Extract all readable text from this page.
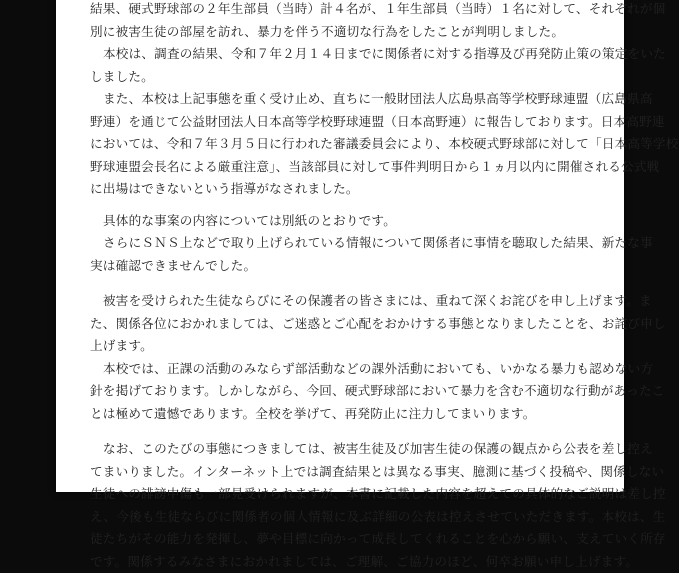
結果、硬式野球部の２年生部員（当時）計４名が、１年生部員（当時）１名に対して、それぞれが個
別に被害生徒の部屋を訪れ、暴力を伴う不適切な行為をしたことが判明しました。
本校は、調査の結果、令和７年２月１４日までに関係者に対する指導及び再発防止策の策定をいた
しました。
また、本校は上記事態を重く受け止め、直ちに一般財団法人広島県高等学校野球連盟（広島県高
野連）を通じて公益財団法人日本高等学校野球連盟（日本高野連）に報告しております。日本高野連
においては、令和７年３月５日に行われた審議委員会により、本校硬式野球部に対して「日本高等学校
野球連盟会長名による厳重注意」、当該部員に対して事件判明日から１ヵ月以内に開催される公式戦
に出場はできないという指導がなされました。
具体的な事案の内容については別紙のとおりです。
さらにＳＮＳ上などで取り上げられている情報について関係者に事情を聴取した結果、新たな事
実は確認できませんでした。
被害を受けられた生徒ならびにその保護者の皆さまには、重ねて深くお詫びを申し上げます。ま
た、関係各位におかれましては、ご迷惑とご心配をおかけする事態となりましたことを、お詫び申し
上げます。
本校では、正課の活動のみならず部活動などの課外活動においても、いかなる暴力も認めない方
針を掲げております。しかしながら、今回、硬式野球部において暴力を含む不適切な行動があったこ
とは極めて遺憾であります。全校を挙げて、再発防止に注力してまいります。
なお、このたびの事態につきましては、被害生徒及び加害生徒の保護の観点から公表を差し控え
てまいりました。インターネット上では調査結果とは異なる事実、臆測に基づく投稿や、関係しない
生徒への誹謗中傷も一部見受けられますが、本書に記載した内容を超えての具体的なご説明は差し控
え、今後も生徒ならびに関係者の個人情報に及ぶ詳細の公表は控えさせていただきます。本校は、生
徒たちがその能力を発揮し、夢や目標に向かって成長してくれることを心から願い、支えていく所存
です。関係するみなさまにおかれましては、ご理解、ご協力のほど、何卒お願い申し上げます。
